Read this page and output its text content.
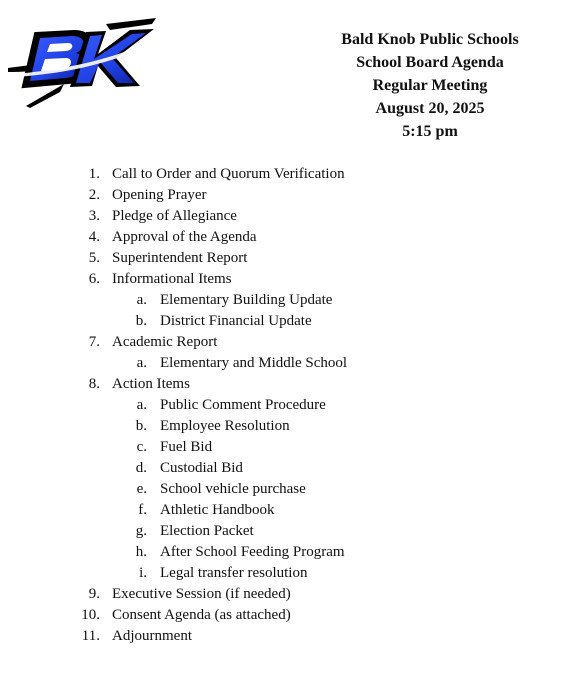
Bald Knob Public Schools
School Board Agenda
Regular Meeting
August 20, 2025
5:15 pm
1. Call to Order and Quorum Verification
2. Opening Prayer
3. Pledge of Allegiance
4. Approval of the Agenda
5. Superintendent Report
6. Informational Items
a. Elementary Building Update
b. District Financial Update
7. Academic Report
a. Elementary and Middle School
8. Action Items
a. Public Comment Procedure
b. Employee Resolution
c. Fuel Bid
d. Custodial Bid
e. School vehicle purchase
f. Athletic Handbook
g. Election Packet
h. After School Feeding Program
i. Legal transfer resolution
9. Executive Session (if needed)
10. Consent Agenda (as attached)
11. Adjournment
